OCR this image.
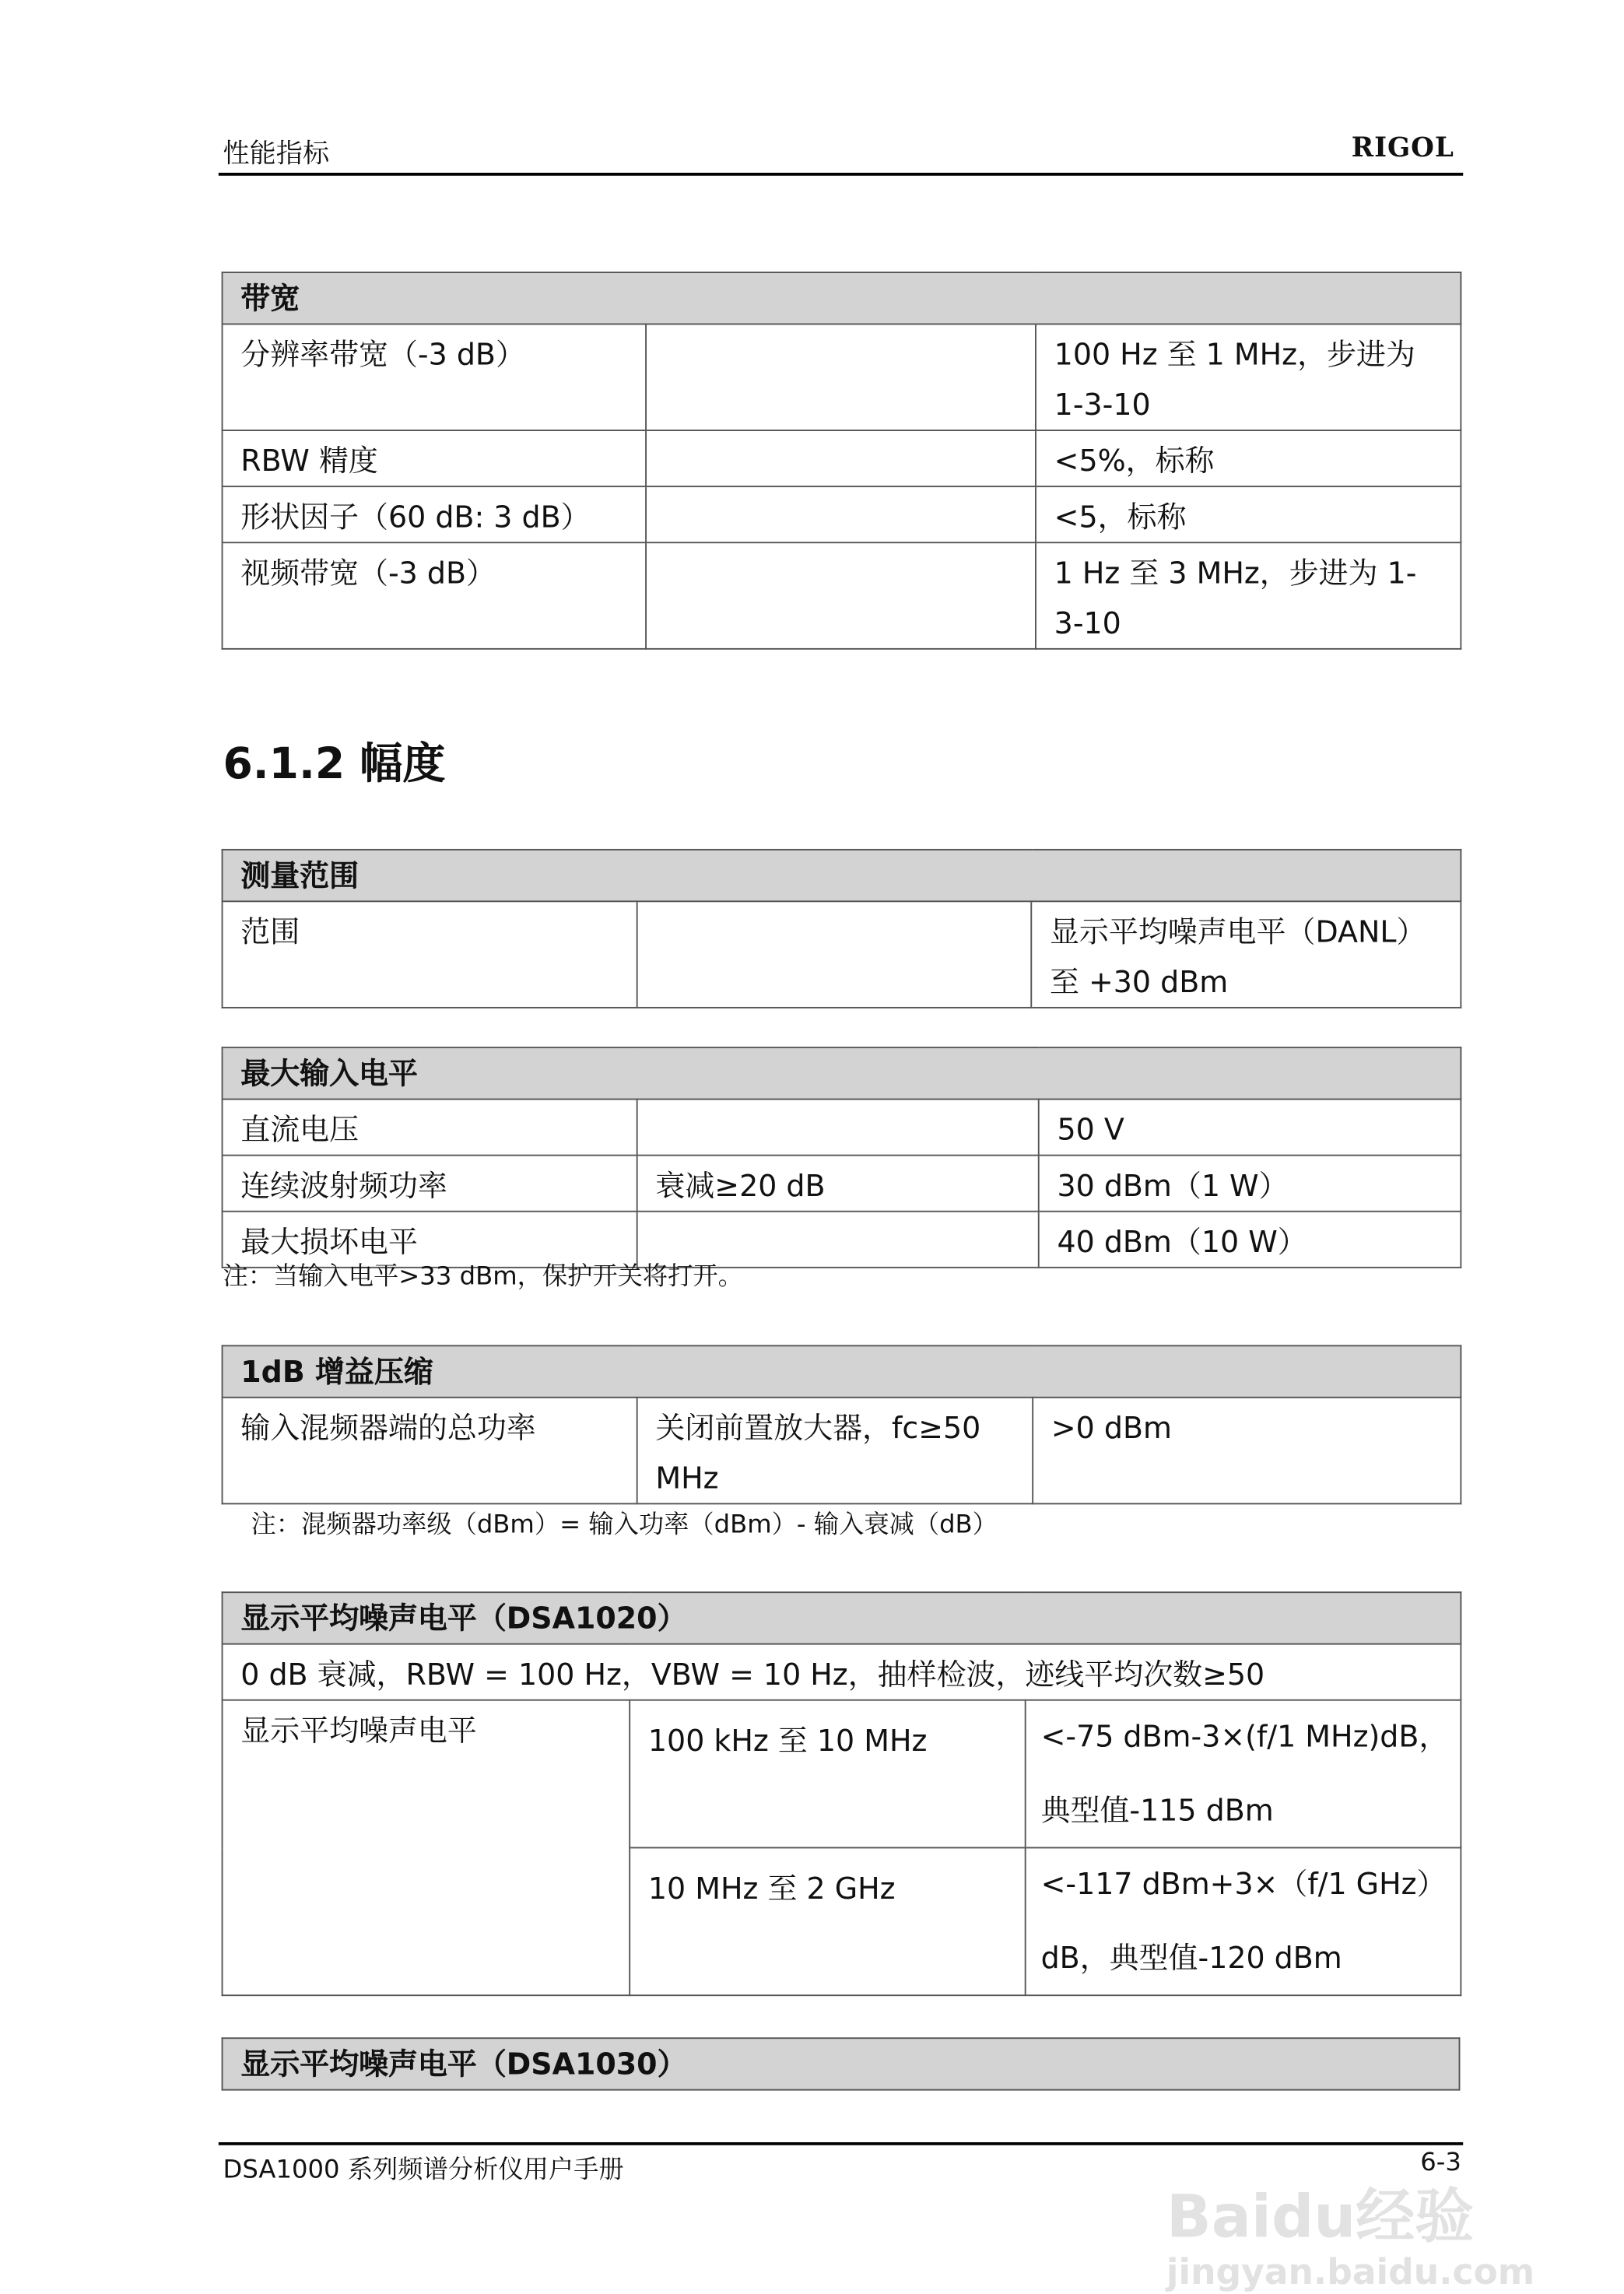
性能指标	RIGOL
带宽		
分辨率带宽（-3 dB）		100 Hz 至 1 MHz，步进为 1-3-10
RBW 精度		<5%，标称
形状因子（60 dB: 3 dB）		<5，标称
视频带宽（-3 dB）		1 Hz 至 3 MHz，步进为 1-3-10
6.1.2 幅度
测量范围
范围		显示平均噪声电平（DANL）至 +30 dBm
最大输入电平		
直流电压		50 V
连续波射频功率	衰减≥20 dB	30 dBm（1 W）
最大损坏电平		40 dBm（10 W）
注：当输入电平>33 dBm，保护开关将打开。
1dB 增益压缩
输入混频器端的总功率	关闭前置放大器，fc≥50 MHz	>0 dBm
注：混频器功率级（dBm）= 输入功率（dBm）- 输入衰减（dB）
显示平均噪声电平（DSA1020）		
0 dB 衰减，RBW = 100 Hz，VBW = 10 Hz，抽样检波，迹线平均次数≥50		
显示平均噪声电平	100 kHz 至 10 MHz	<-75 dBm-3×(f/1 MHz)dB，
典型值-115 dBm

	10 MHz 至 2 GHz	<-117 dBm+3×（f/1 GHz）
dB，典型值-120 dBm
显示平均噪声电平（DSA1030）
DSA1000 系列频谱分析仪用户手册	6-3
Baidu经验
jingyan.baidu.com
